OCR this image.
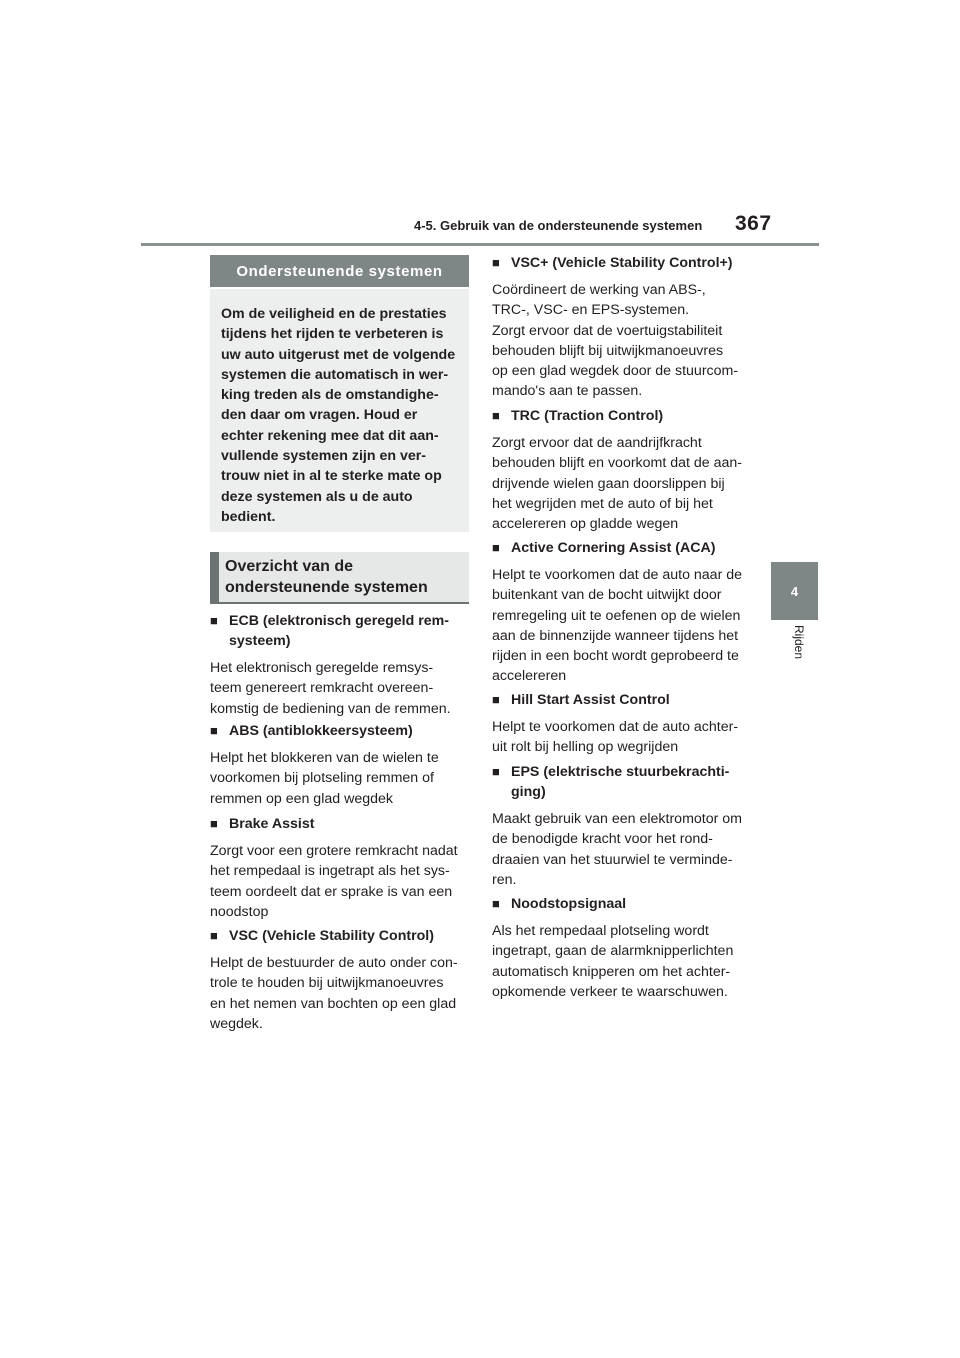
4-5. Gebruik van de ondersteunende systemen 367
4
Rijden
Ondersteunende systemen
Om de veiligheid en de prestaties
tijdens het rijden te verbeteren is
uw auto uitgerust met de volgende
systemen die automatisch in wer-
king treden als de omstandighe-
den daar om vragen. Houd er
echter rekening mee dat dit aan-
vullende systemen zijn en ver-
trouw niet in al te sterke mate op
deze systemen als u de auto
bedient.
Overzicht van de
ondersteunende systemen
■ ECB (elektronisch geregeld rem-
systeem)
Het elektronisch geregelde remsys-
teem genereert remkracht overeen-
komstig de bediening van de remmen.
■ ABS (antiblokkeersysteem)
Helpt het blokkeren van de wielen te
voorkomen bij plotseling remmen of
remmen op een glad wegdek
■ Brake Assist
Zorgt voor een grotere remkracht nadat
het rempedaal is ingetrapt als het sys-
teem oordeelt dat er sprake is van een
noodstop
■ VSC (Vehicle Stability Control)
Helpt de bestuurder de auto onder con-
trole te houden bij uitwijkmanoeuvres
en het nemen van bochten op een glad
wegdek.
■ VSC+ (Vehicle Stability Control+)
Coördineert de werking van ABS-,
TRC-, VSC- en EPS-systemen.
Zorgt ervoor dat de voertuigstabiliteit
behouden blijft bij uitwijkmanoeuvres
op een glad wegdek door de stuurcom-
mando's aan te passen.
■ TRC (Traction Control)
Zorgt ervoor dat de aandrijfkracht
behouden blijft en voorkomt dat de aan-
drijvende wielen gaan doorslippen bij
het wegrijden met de auto of bij het
accelereren op gladde wegen
■ Active Cornering Assist (ACA)
Helpt te voorkomen dat de auto naar de
buitenkant van de bocht uitwijkt door
remregeling uit te oefenen op de wielen
aan de binnenzijde wanneer tijdens het
rijden in een bocht wordt geprobeerd te
accelereren
■ Hill Start Assist Control
Helpt te voorkomen dat de auto achter-
uit rolt bij helling op wegrijden
■ EPS (elektrische stuurbekrachti-
ging)
Maakt gebruik van een elektromotor om
de benodigde kracht voor het rond-
draaien van het stuurwiel te verminde-
ren.
■ Noodstopsignaal
Als het rempedaal plotseling wordt
ingetrapt, gaan de alarmknipperlichten
automatisch knipperen om het achter-
opkomende verkeer te waarschuwen.
